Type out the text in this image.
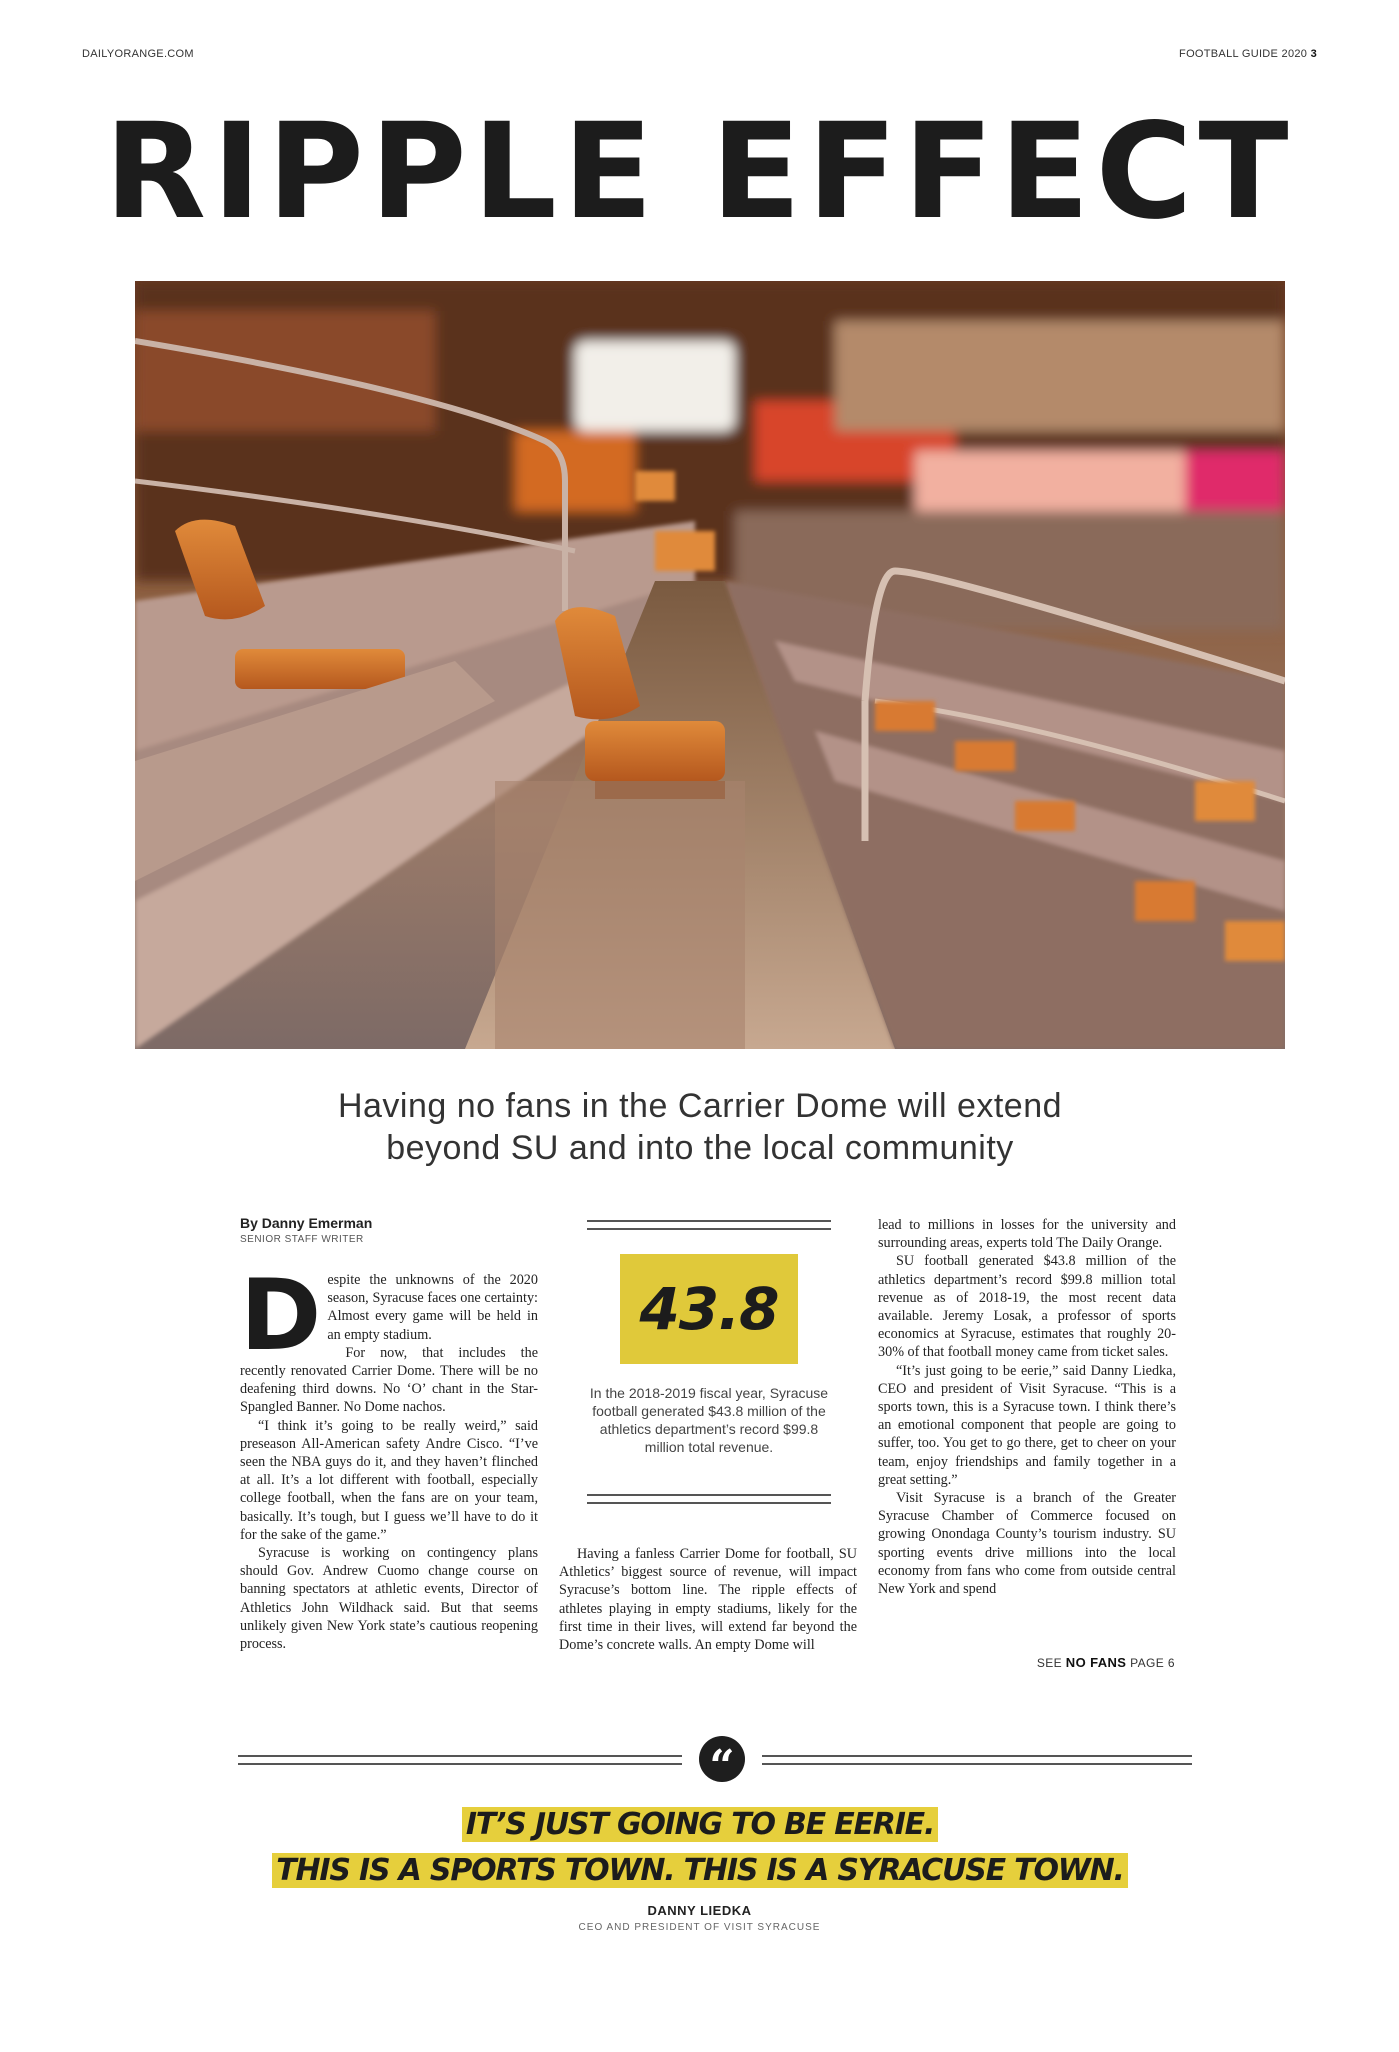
DAILYORANGE.COM	FOOTBALL GUIDE 2020 3
RIPPLE EFFECT
Having no fans in the Carrier Dome will extend beyond SU and into the local community
By Danny Emerman
SENIOR STAFF WRITER
D espite the unknowns of the 2020 season, Syracuse faces one certainty: Almost every game will be held in an empty stadium.

For now, that includes the recently renovated Carrier Dome. There will be no deafening third downs. No ‘O’ chant in the Star-Spangled Banner. No Dome nachos.

“I think it’s going to be really weird,” said preseason All-American safety Andre Cisco. “I’ve seen the NBA guys do it, and they haven’t flinched at all. It’s a lot different with football, especially college football, when the fans are on your team, basically. It’s tough, but I guess we’ll have to do it for the sake of the game.”

Syracuse is working on contingency plans should Gov. Andrew Cuomo change course on banning spectators at athletic events, Director of Athletics John Wildhack said. But that seems unlikely given New York state’s cautious reopening process.

43.8
In the 2018-2019 fiscal year, Syracuse football generated $43.8 million of the athletics department’s record $99.8 million total revenue.

Having a fanless Carrier Dome for football, SU Athletics’ biggest source of revenue, will impact Syracuse’s bottom line. The ripple effects of athletes playing in empty stadiums, likely for the first time in their lives, will extend far beyond the Dome’s concrete walls. An empty Dome will

lead to millions in losses for the university and surrounding areas, experts told The Daily Orange.

SU football generated $43.8 million of the athletics department’s record $99.8 million total revenue as of 2018-19, the most recent data available. Jeremy Losak, a professor of sports economics at Syracuse, estimates that roughly 20-30% of that football money came from ticket sales.

“It’s just going to be eerie,” said Danny Liedka, CEO and president of Visit Syracuse. “This is a sports town, this is a Syracuse town. I think there’s an emotional component that people are going to suffer, too. You get to go there, get to cheer on your team, enjoy friendships and family together in a great setting.”

Visit Syracuse is a branch of the Greater Syracuse Chamber of Commerce focused on growing Onondaga County’s tourism industry. SU sporting events drive millions into the local economy from fans who come from outside central New York and spend

SEE NO FANS PAGE 6
“
IT’S JUST GOING TO BE EERIE.
THIS IS A SPORTS TOWN. THIS IS A SYRACUSE TOWN.
DANNY LIEDKA
CEO AND PRESIDENT OF VISIT SYRACUSE
